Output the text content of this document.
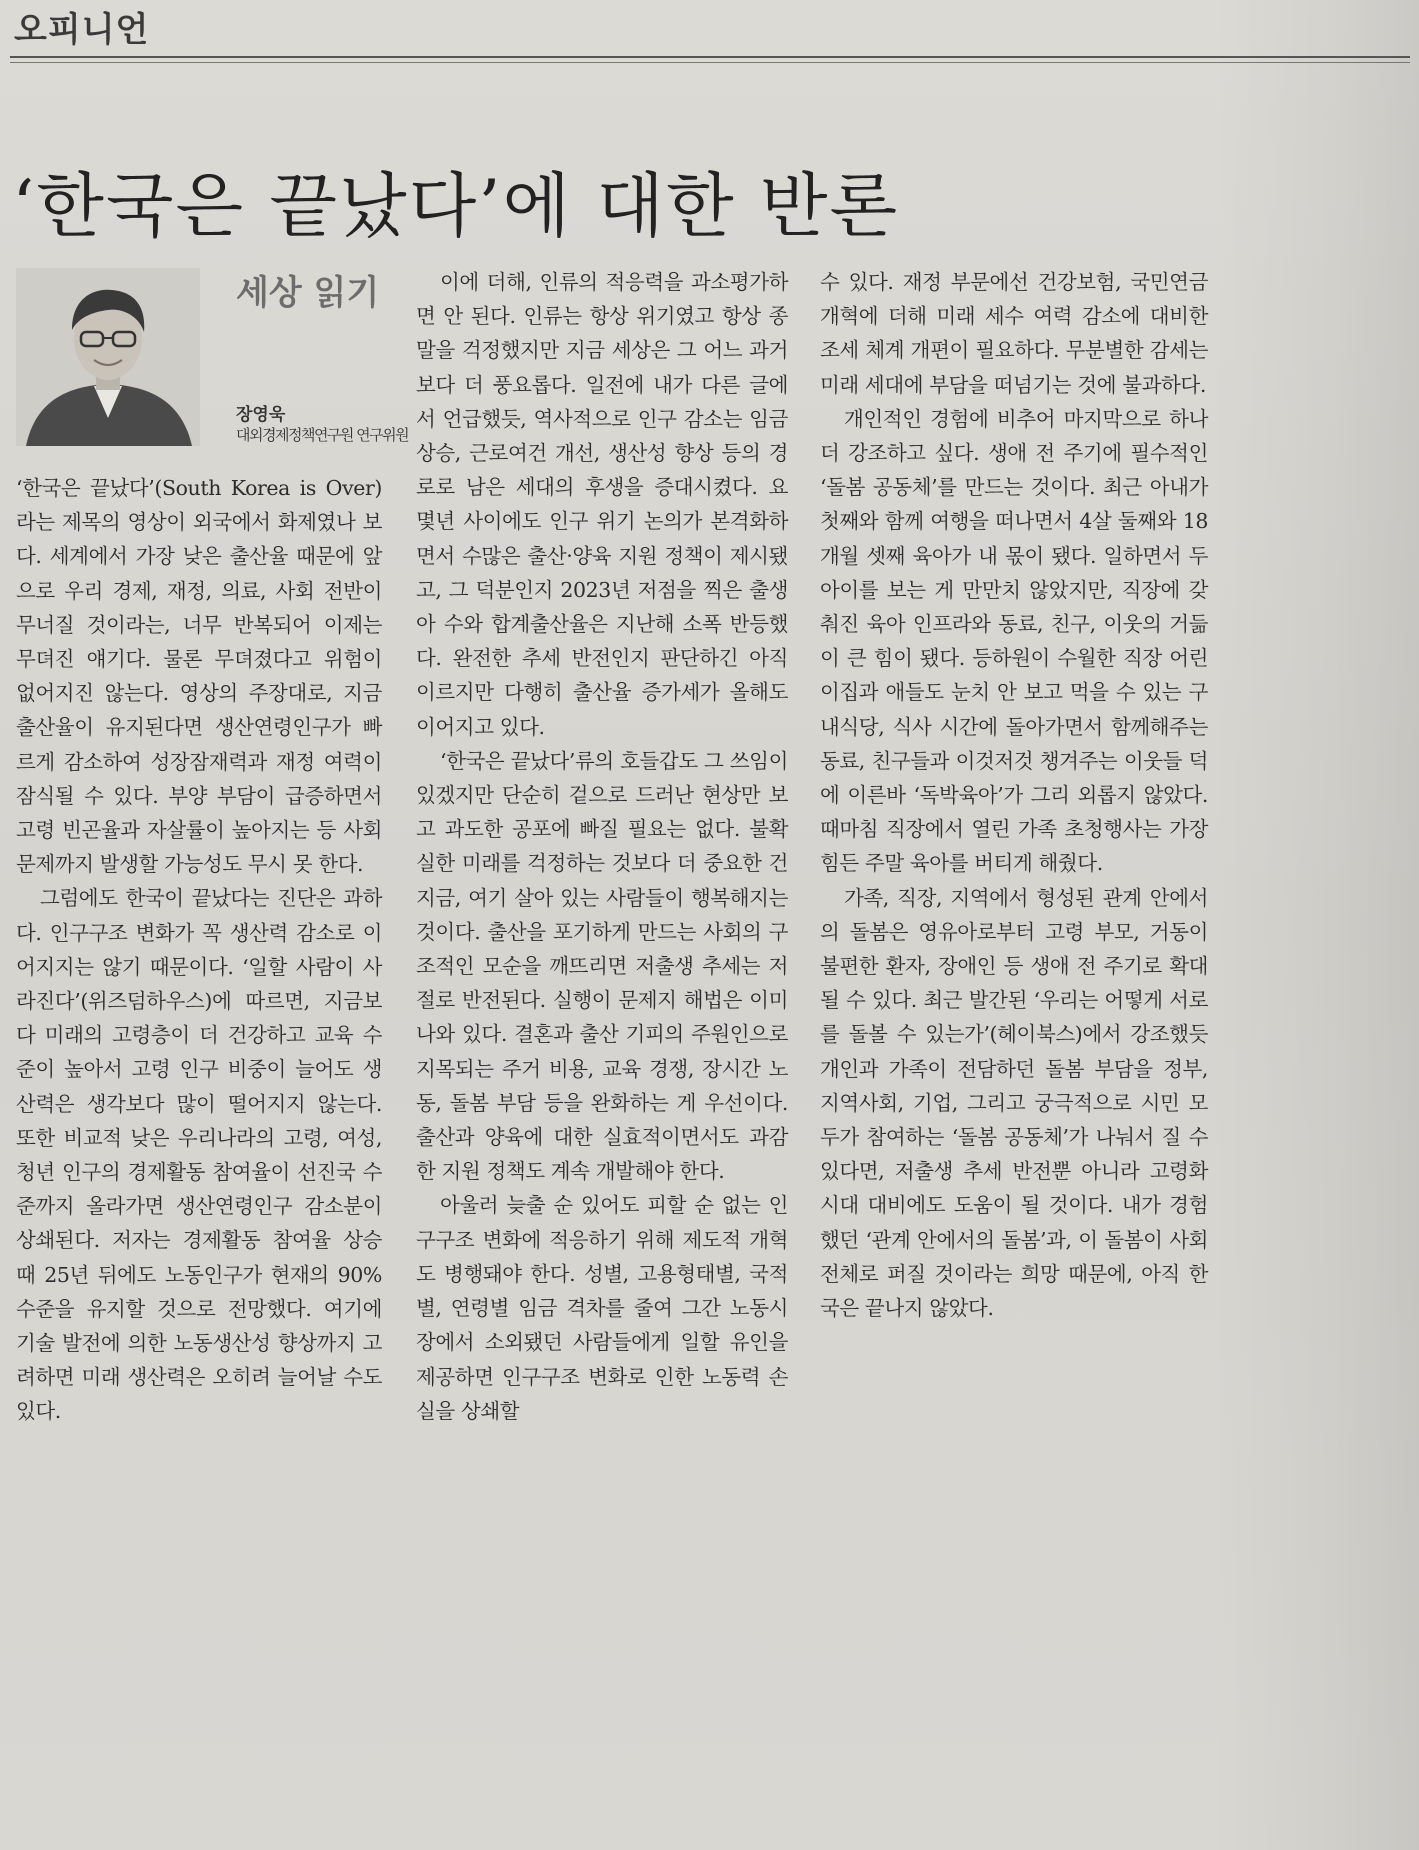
오피니언
‘한국은 끝났다’에 대한 반론
세상 읽기
장영욱
대외경제정책연구원 연구위원

‘한국은 끝났다’(South Korea is Over)라는 제목의 영상이 외국에서 화제였나 보다. 세계에서 가장 낮은 출산율 때문에 앞으로 우리 경제, 재정, 의료, 사회 전반이 무너질 것이라는, 너무 반복되어 이제는 무뎌진 얘기다. 물론 무뎌졌다고 위험이 없어지진 않는다. 영상의 주장대로, 지금 출산율이 유지된다면 생산연령인구가 빠르게 감소하여 성장잠재력과 재정 여력이 잠식될 수 있다. 부양 부담이 급증하면서 고령 빈곤율과 자살률이 높아지는 등 사회문제까지 발생할 가능성도 무시 못 한다.

그럼에도 한국이 끝났다는 진단은 과하다. 인구구조 변화가 꼭 생산력 감소로 이어지지는 않기 때문이다. ‘일할 사람이 사라진다’(위즈덤하우스)에 따르면, 지금보다 미래의 고령층이 더 건강하고 교육 수준이 높아서 고령 인구 비중이 늘어도 생산력은 생각보다 많이 떨어지지 않는다. 또한 비교적 낮은 우리나라의 고령, 여성, 청년 인구의 경제활동 참여율이 선진국 수준까지 올라가면 생산연령인구 감소분이 상쇄된다. 저자는 경제활동 참여율 상승 때 25년 뒤에도 노동인구가 현재의 90% 수준을 유지할 것으로 전망했다. 여기에 기술 발전에 의한 노동생산성 향상까지 고려하면 미래 생산력은 오히려 늘어날 수도 있다.

이에 더해, 인류의 적응력을 과소평가하면 안 된다. 인류는 항상 위기였고 항상 종말을 걱정했지만 지금 세상은 그 어느 과거보다 더 풍요롭다. 일전에 내가 다른 글에서 언급했듯, 역사적으로 인구 감소는 임금 상승, 근로여건 개선, 생산성 향상 등의 경로로 남은 세대의 후생을 증대시켰다. 요 몇년 사이에도 인구 위기 논의가 본격화하면서 수많은 출산·양육 지원 정책이 제시됐고, 그 덕분인지 2023년 저점을 찍은 출생아 수와 합계출산율은 지난해 소폭 반등했다. 완전한 추세 반전인지 판단하긴 아직 이르지만 다행히 출산율 증가세가 올해도 이어지고 있다.

‘한국은 끝났다’류의 호들갑도 그 쓰임이 있겠지만 단순히 겉으로 드러난 현상만 보고 과도한 공포에 빠질 필요는 없다. 불확실한 미래를 걱정하는 것보다 더 중요한 건 지금, 여기 살아 있는 사람들이 행복해지는 것이다. 출산을 포기하게 만드는 사회의 구조적인 모순을 깨뜨리면 저출생 추세는 저절로 반전된다. 실행이 문제지 해법은 이미 나와 있다. 결혼과 출산 기피의 주원인으로 지목되는 주거 비용, 교육 경쟁, 장시간 노동, 돌봄 부담 등을 완화하는 게 우선이다. 출산과 양육에 대한 실효적이면서도 과감한 지원 정책도 계속 개발해야 한다.

아울러 늦출 순 있어도 피할 순 없는 인구구조 변화에 적응하기 위해 제도적 개혁도 병행돼야 한다. 성별, 고용형태별, 국적별, 연령별 임금 격차를 줄여 그간 노동시장에서 소외됐던 사람들에게 일할 유인을 제공하면 인구구조 변화로 인한 노동력 손실을 상쇄할

수 있다. 재정 부문에선 건강보험, 국민연금 개혁에 더해 미래 세수 여력 감소에 대비한 조세 체계 개편이 필요하다. 무분별한 감세는 미래 세대에 부담을 떠넘기는 것에 불과하다.

개인적인 경험에 비추어 마지막으로 하나 더 강조하고 싶다. 생애 전 주기에 필수적인 ‘돌봄 공동체’를 만드는 것이다. 최근 아내가 첫째와 함께 여행을 떠나면서 4살 둘째와 18개월 셋째 육아가 내 몫이 됐다. 일하면서 두 아이를 보는 게 만만치 않았지만, 직장에 갖춰진 육아 인프라와 동료, 친구, 이웃의 거듦이 큰 힘이 됐다. 등하원이 수월한 직장 어린이집과 애들도 눈치 안 보고 먹을 수 있는 구내식당, 식사 시간에 돌아가면서 함께해주는 동료, 친구들과 이것저것 챙겨주는 이웃들 덕에 이른바 ‘독박육아’가 그리 외롭지 않았다. 때마침 직장에서 열린 가족 초청행사는 가장 힘든 주말 육아를 버티게 해줬다.

가족, 직장, 지역에서 형성된 관계 안에서의 돌봄은 영유아로부터 고령 부모, 거동이 불편한 환자, 장애인 등 생애 전 주기로 확대될 수 있다. 최근 발간된 ‘우리는 어떻게 서로를 돌볼 수 있는가’(헤이북스)에서 강조했듯 개인과 가족이 전담하던 돌봄 부담을 정부, 지역사회, 기업, 그리고 궁극적으로 시민 모두가 참여하는 ‘돌봄 공동체’가 나눠서 질 수 있다면, 저출생 추세 반전뿐 아니라 고령화 시대 대비에도 도움이 될 것이다. 내가 경험했던 ‘관계 안에서의 돌봄’과, 이 돌봄이 사회 전체로 퍼질 것이라는 희망 때문에, 아직 한국은 끝나지 않았다.
